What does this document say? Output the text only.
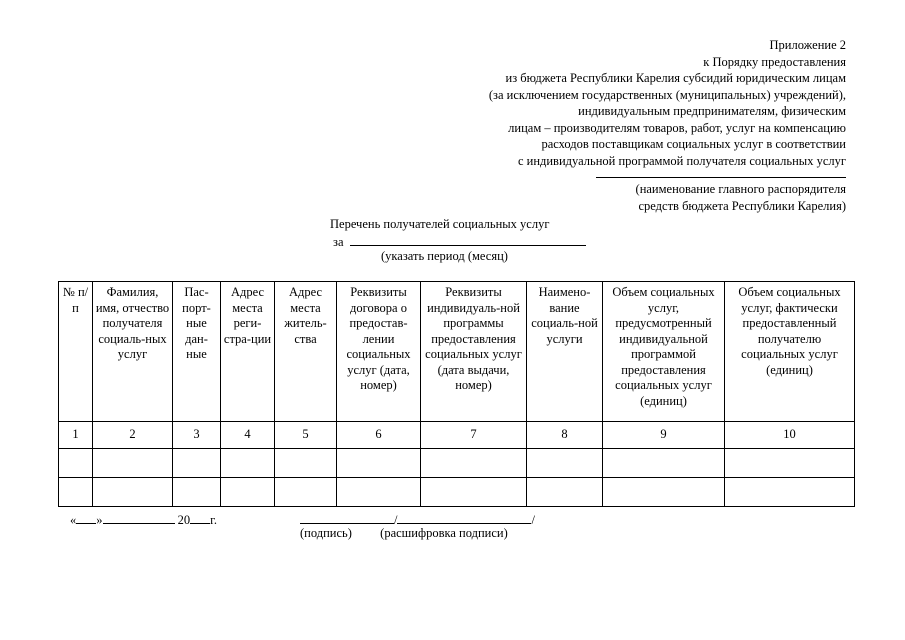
Приложение 2
к Порядку предоставления
из бюджета Республики Карелия субсидий юридическим лицам
(за исключением государственных (муниципальных) учреждений),
индивидуальным предпринимателям, физическим
лицам – производителям товаров, работ, услуг на компенсацию
расходов поставщикам социальных услуг в соответствии
с индивидуальной программой получателя социальных услуг
(наименование главного распорядителя
средств бюджета Республики Карелия)
Перечень получателей социальных услуг
за
(указать период (месяц)
№ п/п	Фамилия, имя, отчество получателя социаль-ных услуг	Пас-порт-ные дан-ные	Адрес места реги-стра-ции	Адрес места житель-ства	Реквизиты договора о предостав-лении социальных услуг (дата, номер)	Реквизиты индивидуаль-ной программы предоставления социальных услуг (дата выдачи, номер)	Наимено-вание социаль-ной услуги	Объем социальных услуг, предусмотренный индивидуальной программой предоставления социальных услуг (единиц)	Объем социальных услуг, фактически предоставленный получателю социальных услуг (единиц)
1	2	3	4	5	6	7	8	9	10

« »	20 г.	/	/
(подпись) (расшифровка подписи)
